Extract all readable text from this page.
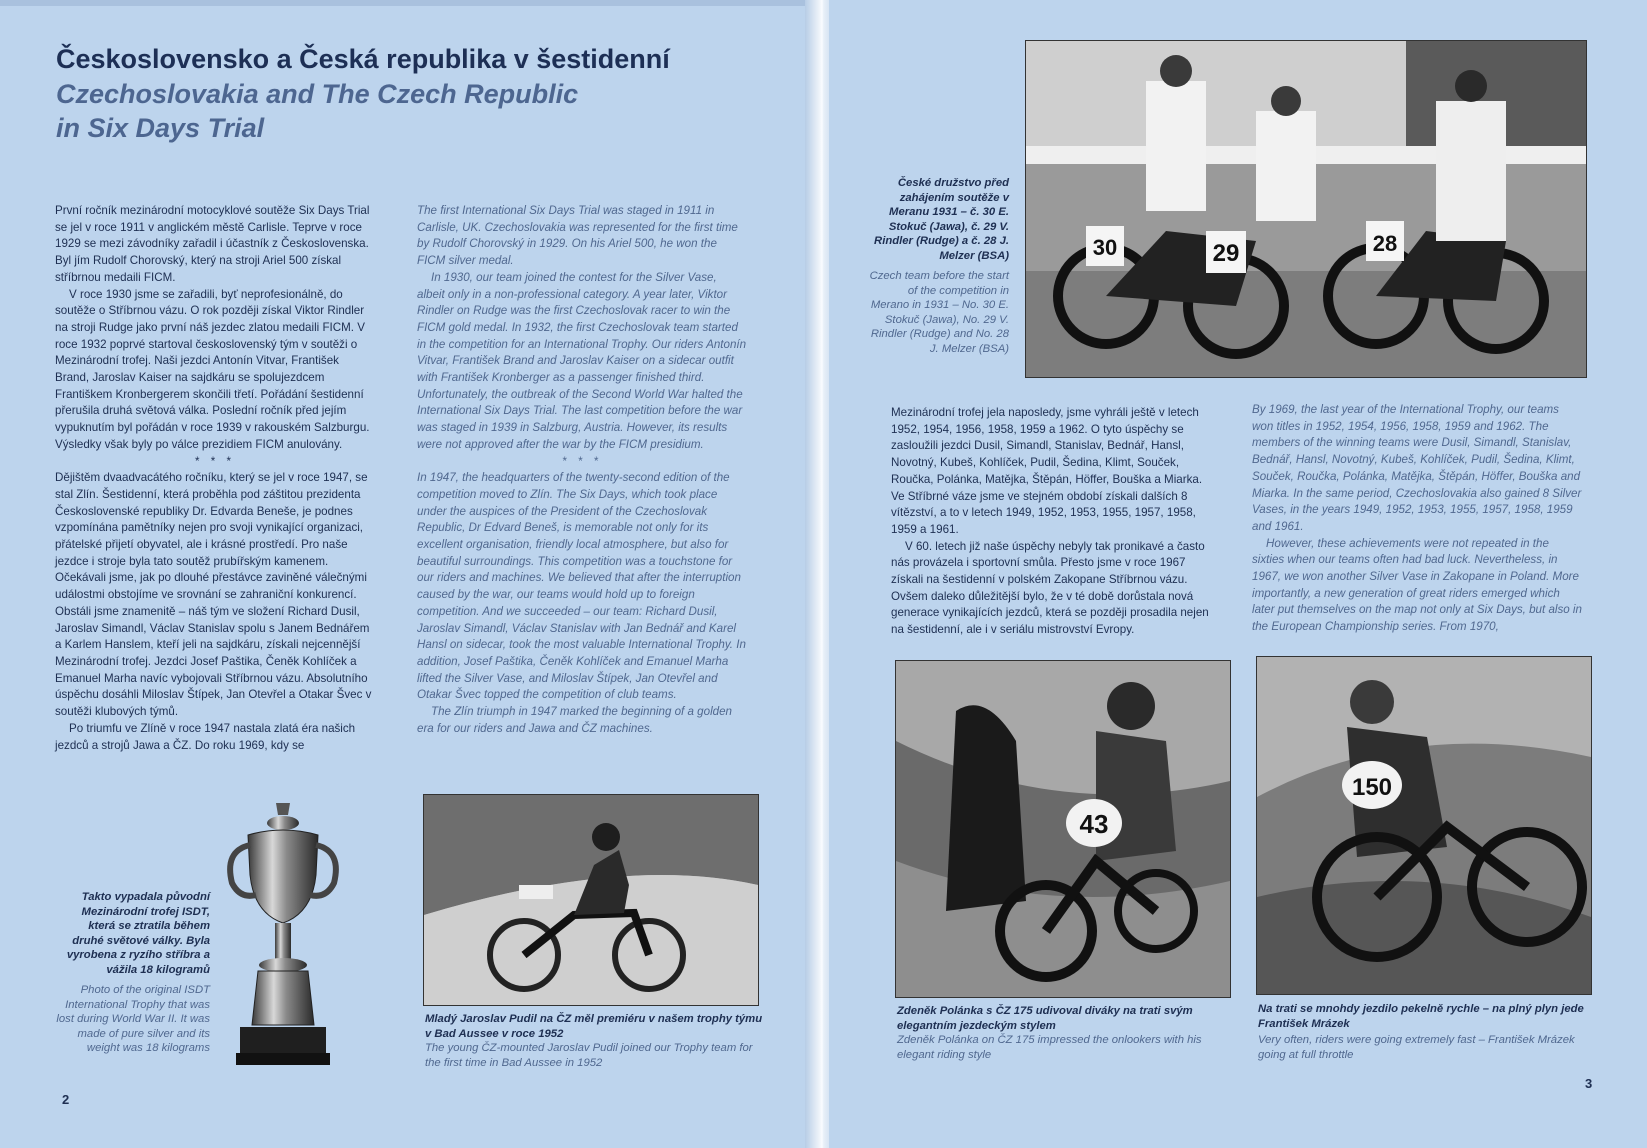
Československo a Česká republika v šestidenní
Czechoslovakia and The Czech Republic
in Six Days Trial

První ročník mezinárodní motocyklové soutěže Six Days Trial se jel v roce 1911 v anglickém městě Carlisle. Teprve v roce 1929 se mezi závodníky zařadil i účastník z Československa. Byl jím Rudolf Chorovský, který na stroji Ariel 500 získal stříbrnou medaili FICM.

V roce 1930 jsme se zařadili, byť neprofesionálně, do soutěže o Stříbrnou vázu. O rok později získal Viktor Rindler na stroji Rudge jako první náš jezdec zlatou medaili FICM. V roce 1932 poprvé startoval československý tým v soutěži o Mezinárodní trofej. Naši jezdci Antonín Vitvar, František Brand, Jaroslav Kaiser na sajdkáru se spolujezdcem Františkem Kronbergerem skončili třetí. Pořádání šestidenní přerušila druhá světová válka. Poslední ročník před jejím vypuknutím byl pořádán v roce 1939 v rakouském Salzburgu. Výsledky však byly po válce prezidiem FICM anulovány.

* * *

Dějištěm dvaadvacátého ročníku, který se jel v roce 1947, se stal Zlín. Šestidenní, která proběhla pod záštitou prezidenta Československé republiky Dr. Edvarda Beneše, je podnes vzpomínána pamětníky nejen pro svoji vynikající organizaci, přátelské přijetí obyvatel, ale i krásné prostředí. Pro naše jezdce i stroje byla tato soutěž prubířským kamenem. Očekávali jsme, jak po dlouhé přestávce zaviněné válečnými událostmi obstojíme ve srovnání se zahraniční konkurencí. Obstáli jsme znamenitě – náš tým ve složení Richard Dusil, Jaroslav Simandl, Václav Stanislav spolu s Janem Bednářem a Karlem Hanslem, kteří jeli na sajdkáru, získali nejcennější Mezinárodní trofej. Jezdci Josef Paštika, Čeněk Kohlíček a Emanuel Marha navíc vybojovali Stříbrnou vázu. Absolutního úspěchu dosáhli Miloslav Štípek, Jan Otevřel a Otakar Švec v soutěži klubových týmů.

Po triumfu ve Zlíně v roce 1947 nastala zlatá éra našich jezdců a strojů Jawa a ČZ. Do roku 1969, kdy se

The first International Six Days Trial was staged in 1911 in Carlisle, UK. Czechoslovakia was represented for the first time by Rudolf Chorovský in 1929. On his Ariel 500, he won the FICM silver medal.

In 1930, our team joined the contest for the Silver Vase, albeit only in a non-professional category. A year later, Viktor Rindler on Rudge was the first Czechoslovak racer to win the FICM gold medal. In 1932, the first Czechoslovak team started in the competition for an International Trophy. Our riders Antonín Vitvar, František Brand and Jaroslav Kaiser on a sidecar outfit with František Kronberger as a passenger finished third. Unfortunately, the outbreak of the Second World War halted the International Six Days Trial. The last competition before the war was staged in 1939 in Salzburg, Austria. However, its results were not approved after the war by the FICM presidium.

* * *

In 1947, the headquarters of the twenty-second edition of the competition moved to Zlín. The Six Days, which took place under the auspices of the President of the Czechoslovak Republic, Dr Edvard Beneš, is memorable not only for its excellent organisation, friendly local atmosphere, but also for beautiful surroundings. This competition was a touchstone for our riders and machines. We believed that after the interruption caused by the war, our teams would hold up to foreign competition. And we succeeded – our team: Richard Dusil, Jaroslav Simandl, Václav Stanislav with Jan Bednář and Karel Hansl on sidecar, took the most valuable International Trophy. In addition, Josef Paštika, Čeněk Kohlíček and Emanuel Marha lifted the Silver Vase, and Miloslav Štípek, Jan Otevřel and Otakar Švec topped the competition of club teams.

The Zlín triumph in 1947 marked the beginning of a golden era for our riders and Jawa and ČZ machines.

Takto vypadala původní Mezinárodní trofej ISDT, která se ztratila během druhé světové války. Byla vyrobena z ryzího stříbra a vážila 18 kilogramů
Photo of the original ISDT International Trophy that was lost during World War II. It was made of pure silver and its weight was 18 kilograms
Mladý Jaroslav Pudil na ČZ měl premiéru v našem trophy týmu v Bad Aussee v roce 1952
The young ČZ-mounted Jaroslav Pudil joined our Trophy team for the first time in Bad Aussee in 1952
2
České družstvo před zahájením soutěže v Meranu 1931 – č. 30 E. Stokuč (Jawa), č. 29 V. Rindler (Rudge) a č. 28 J. Melzer (BSA)
Czech team before the start of the competition in Merano in 1931 – No. 30 E. Stokuč (Jawa), No. 29 V. Rindler (Rudge) and No. 28 J. Melzer (BSA)
30	29	28

Mezinárodní trofej jela naposledy, jsme vyhráli ještě v letech 1952, 1954, 1956, 1958, 1959 a 1962. O tyto úspěchy se zasloužili jezdci Dusil, Simandl, Stanislav, Bednář, Hansl, Novotný, Kubeš, Kohlíček, Pudil, Šedina, Klimt, Souček, Roučka, Polánka, Matějka, Štěpán, Höffer, Bouška a Miarka. Ve Stříbrné váze jsme ve stejném období získali dalších 8 vítězství, a to v letech 1949, 1952, 1953, 1955, 1957, 1958, 1959 a 1961.

V 60. letech již naše úspěchy nebyly tak pronikavé a často nás provázela i sportovní smůla. Přesto jsme v roce 1967 získali na šestidenní v polském Zakopane Stříbrnou vázu. Ovšem daleko důležitější bylo, že v té době dorůstala nová generace vynikajících jezdců, která se později prosadila nejen na šestidenní, ale i v seriálu mistrovství Evropy.

By 1969, the last year of the International Trophy, our teams won titles in 1952, 1954, 1956, 1958, 1959 and 1962. The members of the winning teams were Dusil, Simandl, Stanislav, Bednář, Hansl, Novotný, Kubeš, Kohlíček, Pudil, Šedina, Klimt, Souček, Roučka, Polánka, Matějka, Štěpán, Höffer, Bouška and Miarka. In the same period, Czechoslovakia also gained 8 Silver Vases, in the years 1949, 1952, 1953, 1955, 1957, 1958, 1959 and 1961.

However, these achievements were not repeated in the sixties when our teams often had bad luck. Nevertheless, in 1967, we won another Silver Vase in Zakopane in Poland. More importantly, a new generation of great riders emerged which later put themselves on the map not only at Six Days, but also in the European Championship series. From 1970,

43
Zdeněk Polánka s ČZ 175 udivoval diváky na trati svým elegantním jezdeckým stylem
Zdeněk Polánka on ČZ 175 impressed the onlookers with his elegant riding style
150
Na trati se mnohdy jezdilo pekelně rychle – na plný plyn jede František Mrázek
Very often, riders were going extremely fast – František Mrázek going at full throttle
3
